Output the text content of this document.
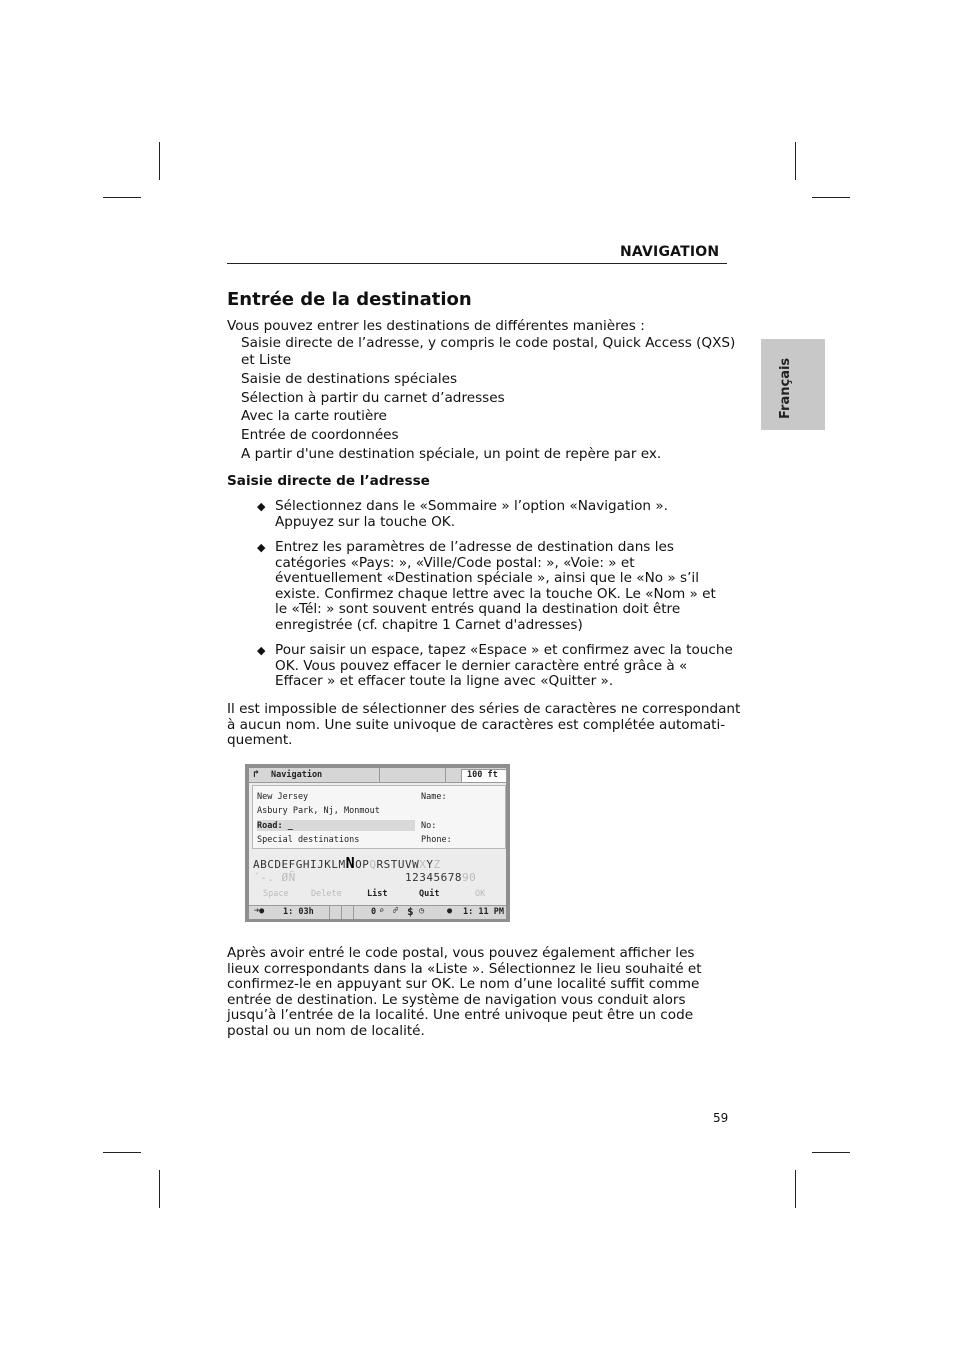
NAVIGATION
Français
Entrée de la destination
Vous pouvez entrer les destinations de différentes manières :
Saisie directe de l’adresse, y compris le code postal, Quick Access (QXS)
et Liste
Saisie de destinations spéciales
Sélection à partir du carnet d’adresses
Avec la carte routière
Entrée de coordonnées
A partir d'une destination spéciale, un point de repère par ex.
Saisie directe de l’adresse
◆ Sélectionnez dans le «Sommaire » l’option «Navigation ».
Appuyez sur la touche OK.
◆ Entrez les paramètres de l’adresse de destination dans les
catégories «Pays: », «Ville/Code postal: », «Voie: » et
éventuellement «Destination spéciale », ainsi que le «No » s’il
existe. Confirmez chaque lettre avec la touche OK. Le «Nom » et
le «Tél: » sont souvent entrés quand la destination doit être
enregistrée (cf. chapitre 1 Carnet d'adresses)
◆ Pour saisir un espace, tapez «Espace » et confirmez avec la touche
OK. Vous pouvez effacer le dernier caractère entré grâce à «
Effacer » et effacer toute la ligne avec «Quitter ».
Il est impossible de sélectionner des séries de caractères ne correspondant
à aucun nom. Une suite univoque de caractères est complétée automati-
quement.
↱ Navigation	100 ft
New Jersey
Asbury Park, Nj, Monmout
Road: _
Special destinations
Name:
No:
Phone:
ABCDEFGHIJKLMNOPQRSTUVWXYZ
´-. ØÑ	1234567890
Space	Delete	List	Quit	OK
➜● 1: 03h	0 ⌕ ☍ $ ◷	● 1: 11 PM
Après avoir entré le code postal, vous pouvez également afficher les
lieux correspondants dans la «Liste ». Sélectionnez le lieu souhaité et
confirmez-le en appuyant sur OK. Le nom d’une localité suffit comme
entrée de destination. Le système de navigation vous conduit alors
jusqu’à l’entrée de la localité. Une entré univoque peut être un code
postal ou un nom de localité.
59
